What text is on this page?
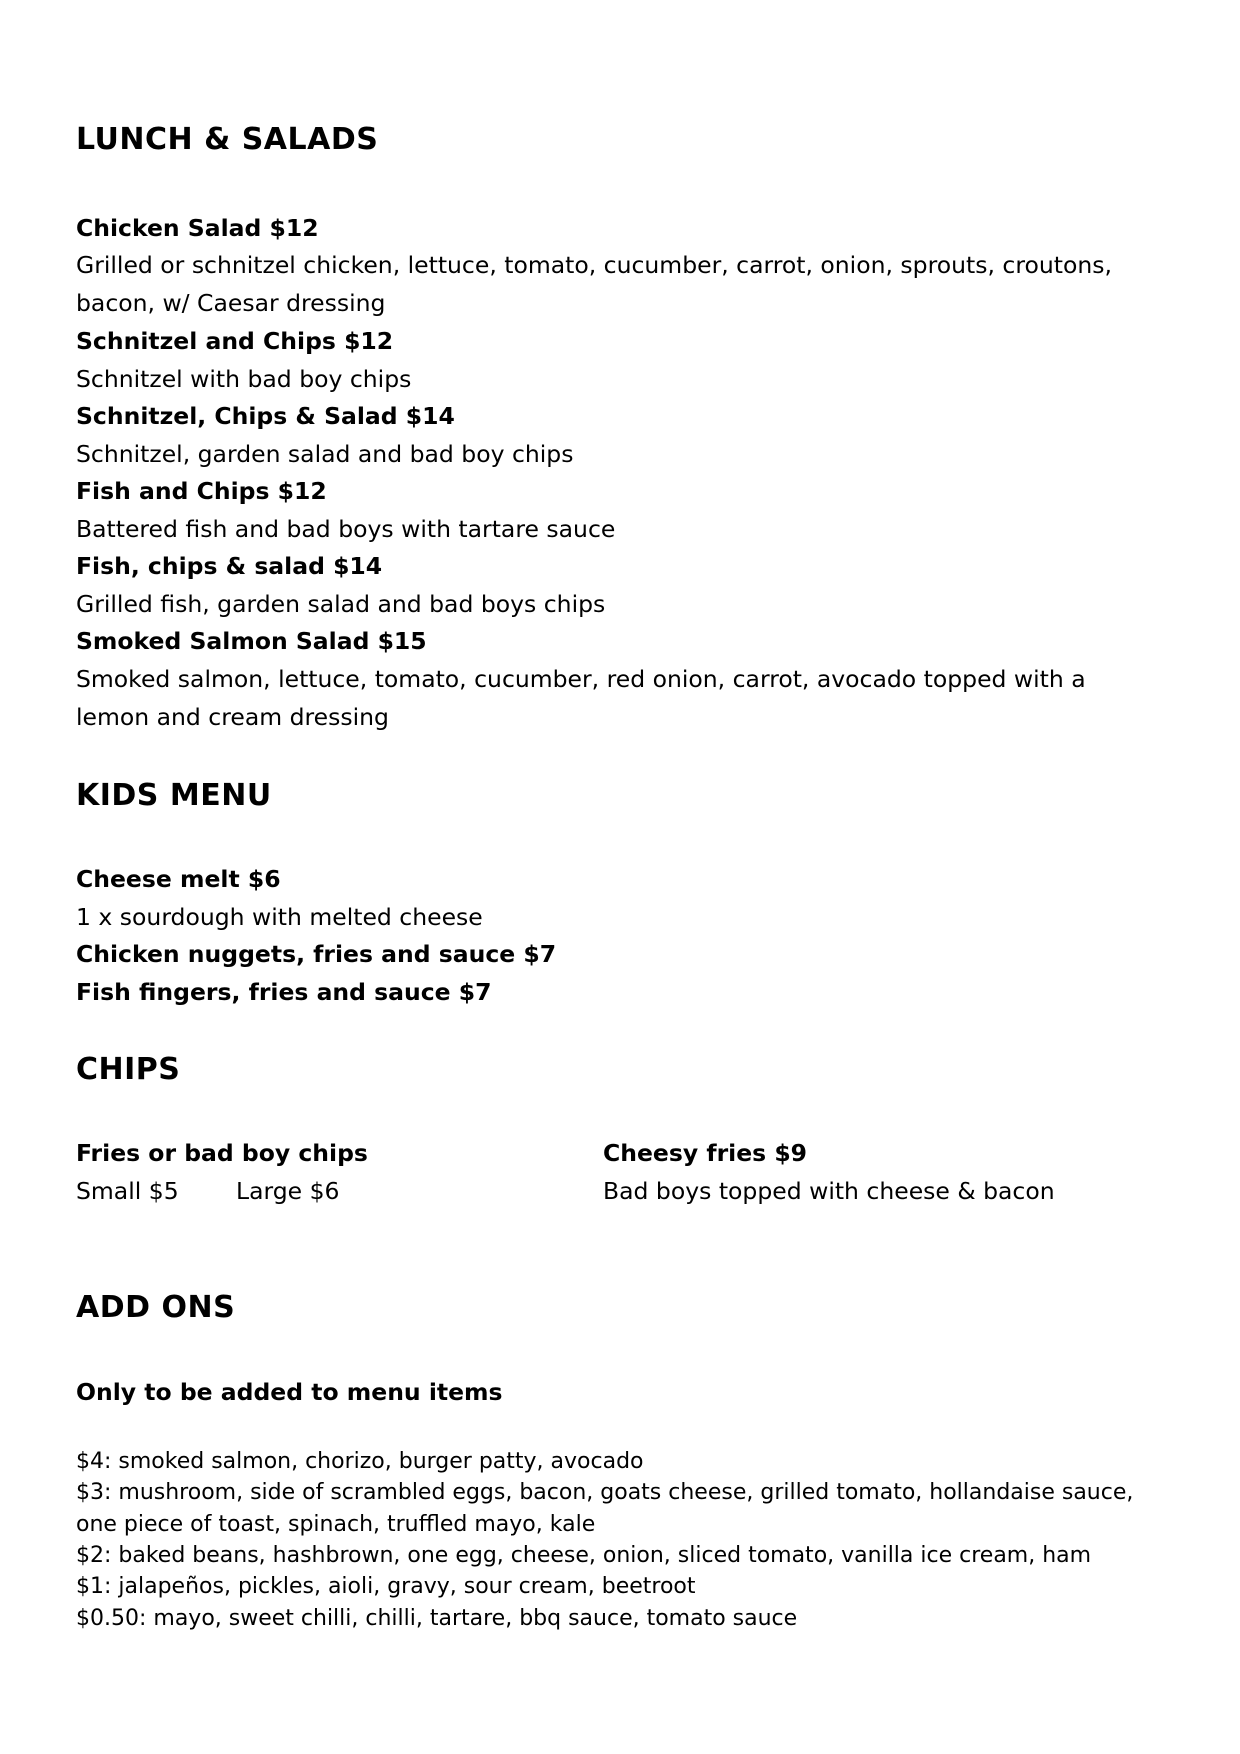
LUNCH & SALADS
Chicken Salad $12
Grilled or schnitzel chicken, lettuce, tomato, cucumber, carrot, onion, sprouts, croutons, bacon, w/ Caesar dressing
Schnitzel and Chips $12
Schnitzel with bad boy chips
Schnitzel, Chips & Salad $14
Schnitzel, garden salad and bad boy chips
Fish and Chips $12
Battered fish and bad boys with tartare sauce
Fish, chips & salad $14
Grilled fish, garden salad and bad boys chips
Smoked Salmon Salad $15
Smoked salmon, lettuce, tomato, cucumber, red onion, carrot, avocado topped with a lemon and cream dressing
KIDS MENU
Cheese melt $6
1 x sourdough with melted cheese
Chicken nuggets, fries and sauce $7
Fish fingers, fries and sauce $7
CHIPS
Fries or bad boy chips
Small $5 Large $6
Cheesy fries $9
Bad boys topped with cheese & bacon
ADD ONS
Only to be added to menu items
$4: smoked salmon, chorizo, burger patty, avocado
$3: mushroom, side of scrambled eggs, bacon, goats cheese, grilled tomato, hollandaise sauce, one piece of toast, spinach, truffled mayo, kale
$2: baked beans, hashbrown, one egg, cheese, onion, sliced tomato, vanilla ice cream, ham
$1: jalapeños, pickles, aioli, gravy, sour cream, beetroot
$0.50: mayo, sweet chilli, chilli, tartare, bbq sauce, tomato sauce
